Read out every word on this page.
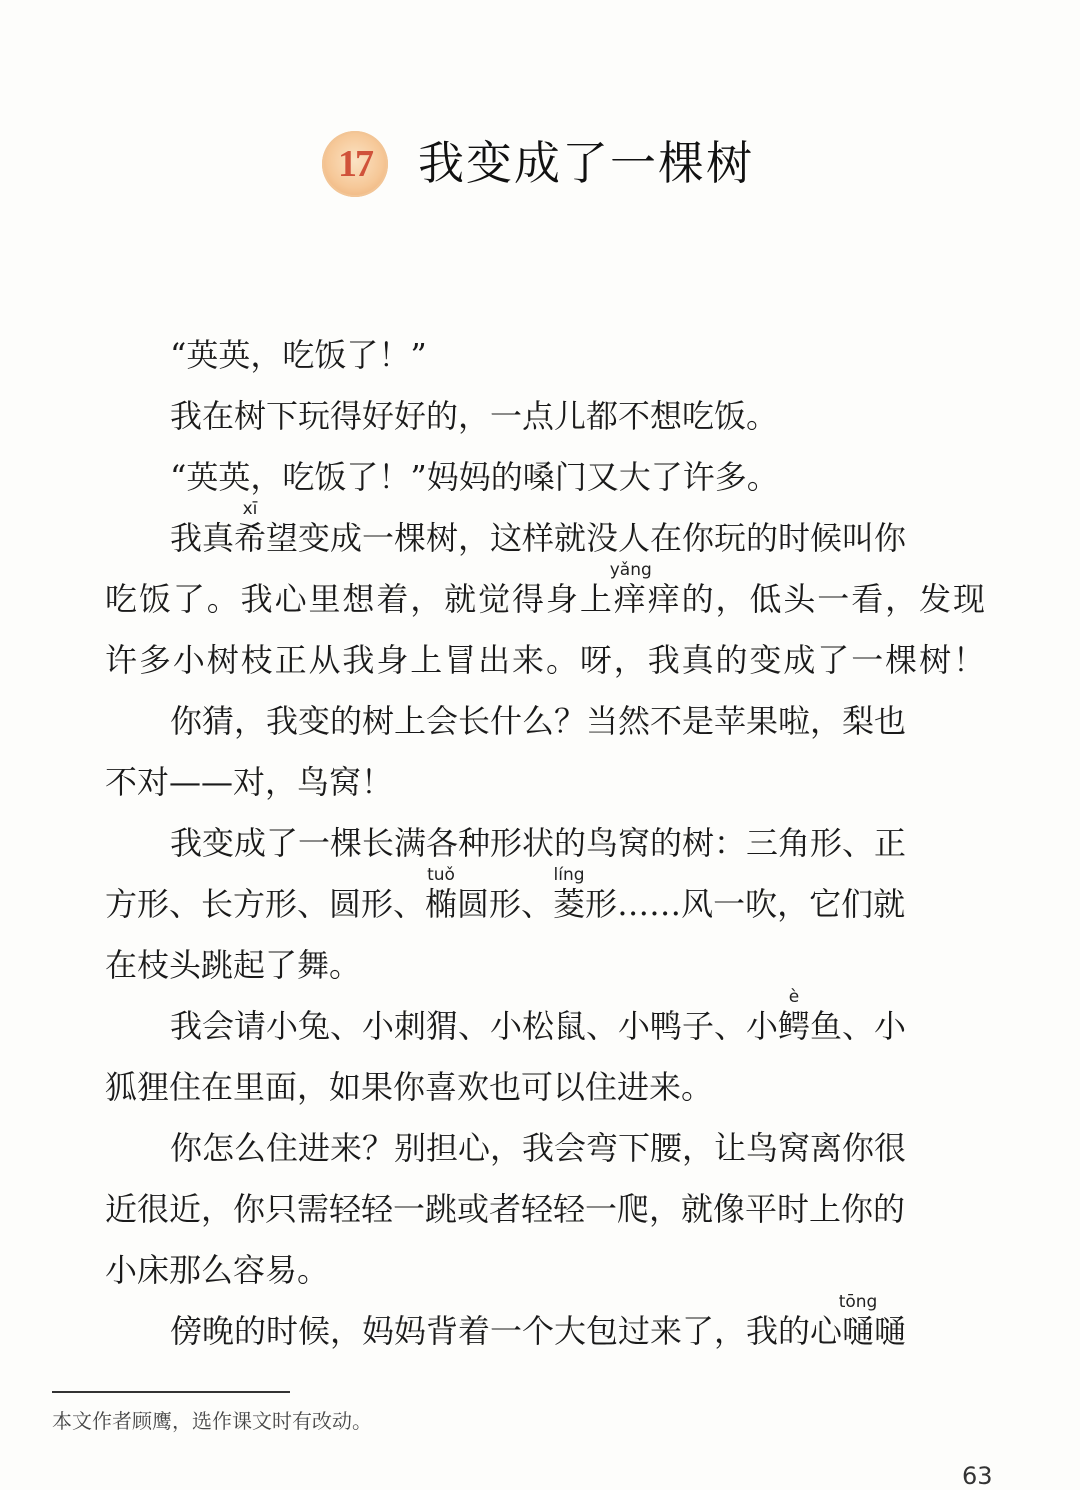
17 我变成了一棵树
“英英，吃饭了！”
我在树下玩得好好的，一点儿都不想吃饭。
“英英，吃饭了！”妈妈的嗓门又大了许多。
我真希
xī
望变成一棵树，这样就没人在你玩的时候叫你
吃饭了。我心里想着，就觉得身上痒
yǎng
痒的，低头一看，发现
许多小树枝正从我身上冒出来。呀，我真的变成了一棵树！
你猜，我变的树上会长什么？当然不是苹果啦，梨也
不对——对，鸟窝！
我变成了一棵长满各种形状的鸟窝的树：三角形、正
方形、长方形、圆形、椭
tuǒ
圆形、菱
líng
形……风一吹，它们就
在枝头跳起了舞。
我会请小兔、小刺猬、小松鼠、小鸭子、小鳄
è
鱼、小
狐狸住在里面，如果你喜欢也可以住进来。
你怎么住进来？别担心，我会弯下腰，让鸟窝离你很
近很近，你只需轻轻一跳或者轻轻一爬，就像平时上你的
小床那么容易。
傍晚的时候，妈妈背着一个大包过来了，我的心嗵
tōng
嗵
本文作者顾鹰，选作课文时有改动。
63
